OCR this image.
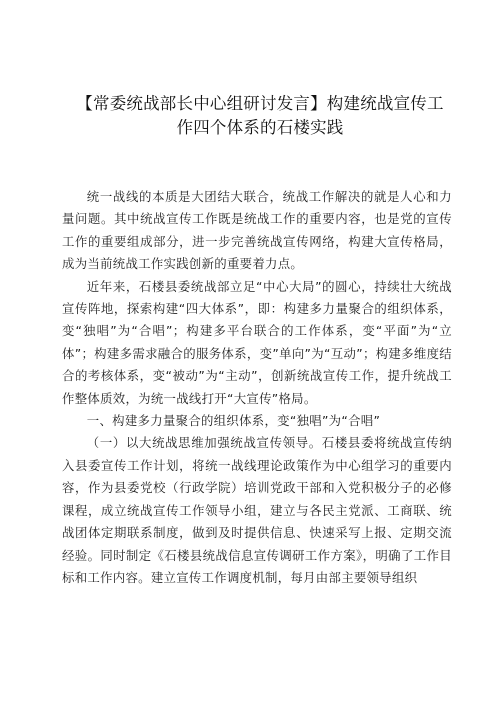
【常委统战部长中心组研讨发言】构建统战宣传工
作四个体系的石楼实践

统一战线的本质是大团结大联合，统战工作解决的就是人心和力量问题。其中统战宣传工作既是统战工作的重要内容，也是党的宣传工作的重要组成部分，进一步完善统战宣传网络，构建大宣传格局，成为当前统战工作实践创新的重要着力点。

近年来，石楼县委统战部立足“中心大局”的圆心，持续壮大统战宣传阵地，探索构建“四大体系”，即：构建多力量聚合的组织体系，变“独唱”为“合唱”；构建多平台联合的工作体系，变“平面”为“立体”；构建多需求融合的服务体系，变”单向”为“互动”；构建多维度结合的考核体系，变“被动”为“主动”，创新统战宣传工作，提升统战工作整体质效，为统一战线打开“大宣传”格局。

一、构建多力量聚合的组织体系，变“独唱”为“合唱”

（一）以大统战思维加强统战宣传领导。石楼县委将统战宣传纳入县委宣传工作计划，将统一战线理论政策作为中心组学习的重要内容，作为县委党校（行政学院）培训党政干部和入党积极分子的必修课程，成立统战宣传工作领导小组，建立与各民主党派、工商联、统战团体定期联系制度，做到及时提供信息、快速采写上报、定期交流经验。同时制定《石楼县统战信息宣传调研工作方案》，明确了工作目标和工作内容。建立宣传工作调度机制，每月由部主要领导组织
